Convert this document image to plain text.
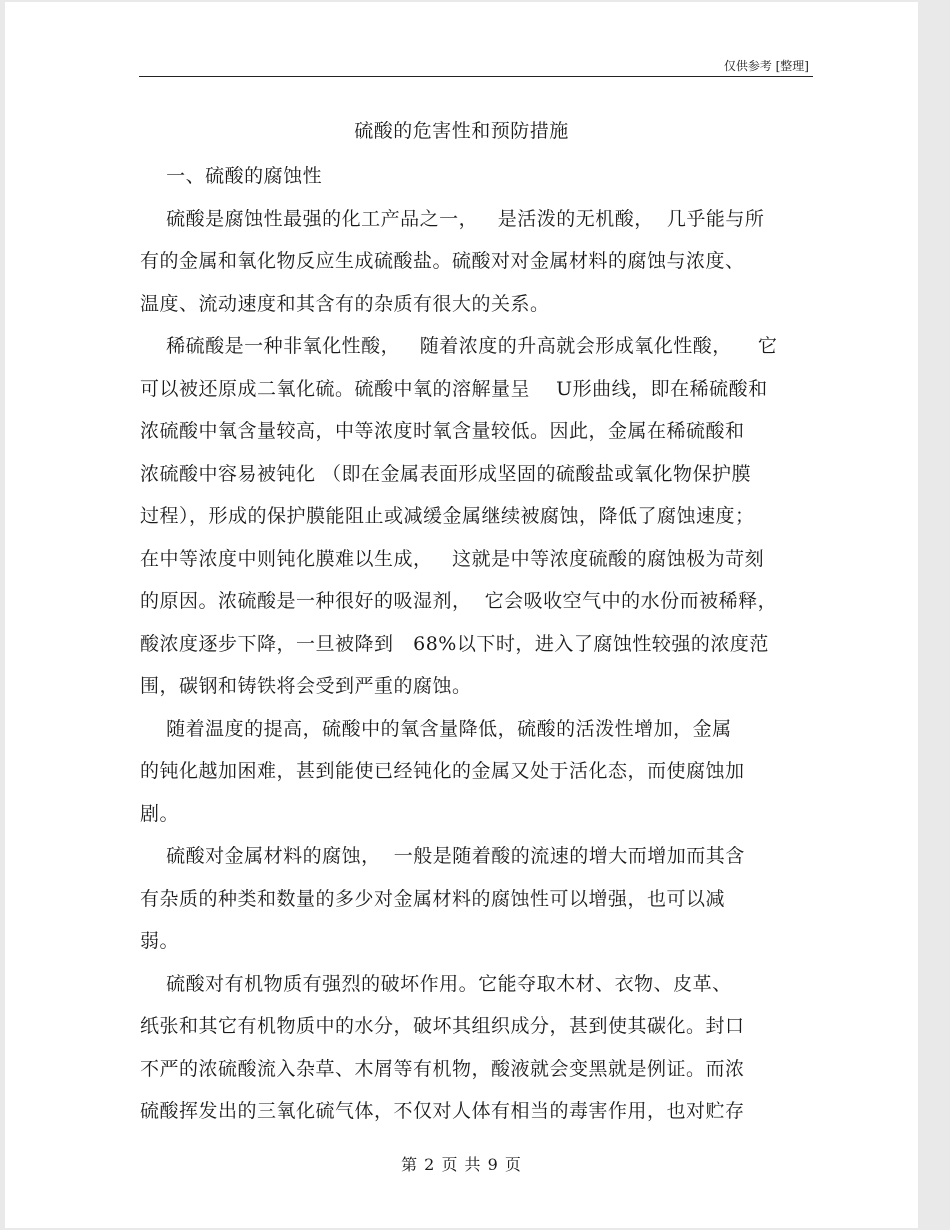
仅供参考 [整理]
硫酸的危害性和预防措施
一、硫酸的腐蚀性
硫酸是腐蚀性最强的化工产品之一，   是活泼的无机酸，  几乎能与所
有的金属和氧化物反应生成硫酸盐。硫酸对对金属材料的腐蚀与浓度、
温度、流动速度和其含有的杂质有很大的关系。
稀硫酸是一种非氧化性酸，   随着浓度的升高就会形成氧化性酸，    它
可以被还原成二氧化硫。硫酸中氧的溶解量呈    U形曲线，即在稀硫酸和
浓硫酸中氧含量较高，中等浓度时氧含量较低。因此，金属在稀硫酸和
浓硫酸中容易被钝化 （即在金属表面形成坚固的硫酸盐或氧化物保护膜
过程），形成的保护膜能阻止或减缓金属继续被腐蚀，降低了腐蚀速度；
在中等浓度中则钝化膜难以生成，   这就是中等浓度硫酸的腐蚀极为苛刻
的原因。浓硫酸是一种很好的吸湿剂，  它会吸收空气中的水份而被稀释，
酸浓度逐步下降，一旦被降到   68%以下时，进入了腐蚀性较强的浓度范
围，碳钢和铸铁将会受到严重的腐蚀。
随着温度的提高，硫酸中的氧含量降低，硫酸的活泼性增加，金属
的钝化越加困难，甚到能使已经钝化的金属又处于活化态，而使腐蚀加
剧。
硫酸对金属材料的腐蚀，  一般是随着酸的流速的增大而增加而其含
有杂质的种类和数量的多少对金属材料的腐蚀性可以增强，也可以减
弱。
硫酸对有机物质有强烈的破坏作用。它能夺取木材、衣物、皮革、
纸张和其它有机物质中的水分，破坏其组织成分，甚到使其碳化。封口
不严的浓硫酸流入杂草、木屑等有机物，酸液就会变黑就是例证。而浓
硫酸挥发出的三氧化硫气体，不仅对人体有相当的毒害作用，也对贮存
第 2 页 共 9 页
